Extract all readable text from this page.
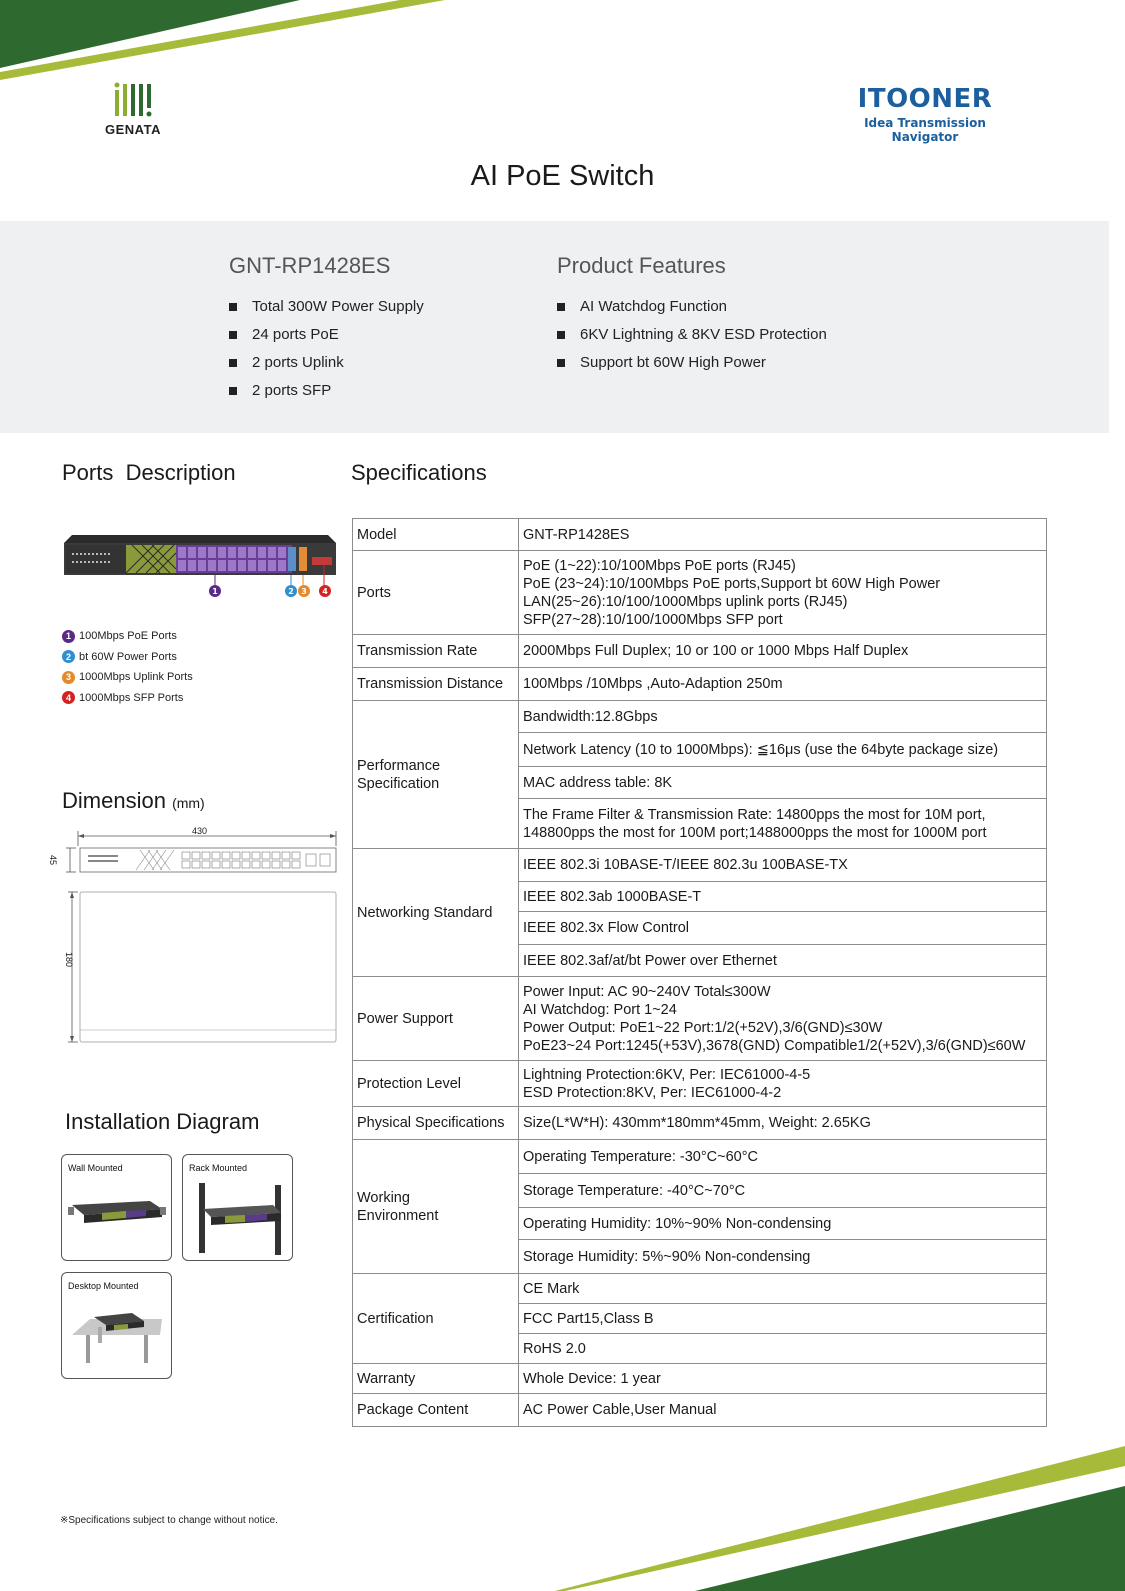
GENATA
ITOONER
Idea Transmission Navigator
AI PoE Switch
GNT-RP1428ES
Total 300W Power Supply
24 ports PoE
2 ports Uplink
2 ports SFP
Product Features
AI Watchdog Function
6KV Lightning & 8KV ESD Protection
Support bt 60W High Power
Ports  Description
1	2 3 4
1 100Mbps PoE Ports
2 bt 60W Power Ports
3 1000Mbps Uplink Ports
4 1000Mbps SFP Ports
Dimension (mm)
430
45
180
Installation Diagram
Wall Mounted	Rack Mounted
Desktop Mounted
Specifications
Model	GNT-RP1428ES

Ports	PoE (1~22):10/100Mbps PoE ports (RJ45)
PoE (23~24):10/100Mbps PoE ports,Support bt 60W High Power
LAN(25~26):10/100/1000Mbps uplink ports (RJ45)
SFP(27~28):10/100/1000Mbps SFP port

Transmission Rate	2000Mbps Full Duplex; 10 or 100 or 1000 Mbps Half Duplex

Transmission Distance	100Mbps /10Mbps ,Auto-Adaption 250m

Performance
Specification	Bandwidth:12.8Gbps

	Network Latency (10 to 1000Mbps): ≦16μs (use the 64byte package size)

	MAC address table: 8K

	The Frame Filter & Transmission Rate: 14800pps the most for 10M port,
148800pps the most for 100M port;1488000pps the most for 1000M port

Networking Standard	IEEE 802.3i 10BASE-T/IEEE 802.3u 100BASE-TX

	IEEE 802.3ab 1000BASE-T

	IEEE 802.3x Flow Control

	IEEE 802.3af/at/bt Power over Ethernet

Power Support	Power Input: AC 90~240V Total≤300W
AI Watchdog: Port 1~24
Power Output: PoE1~22 Port:1/2(+52V),3/6(GND)≤30W
PoE23~24 Port:1245(+53V),3678(GND) Compatible1/2(+52V),3/6(GND)≤60W

Protection Level	Lightning Protection:6KV, Per: IEC61000-4-5
ESD Protection:8KV, Per: IEC61000-4-2

Physical Specifications	Size(L*W*H): 430mm*180mm*45mm, Weight: 2.65KG

Working
Environment	Operating Temperature: -30°C~60°C

	Storage Temperature: -40°C~70°C

	Operating Humidity: 10%~90% Non-condensing

	Storage Humidity: 5%~90% Non-condensing

Certification	CE Mark

	FCC Part15,Class B

	RoHS 2.0

Warranty	Whole Device: 1 year

Package Content	AC Power Cable,User Manual
※Specifications subject to change without notice.
